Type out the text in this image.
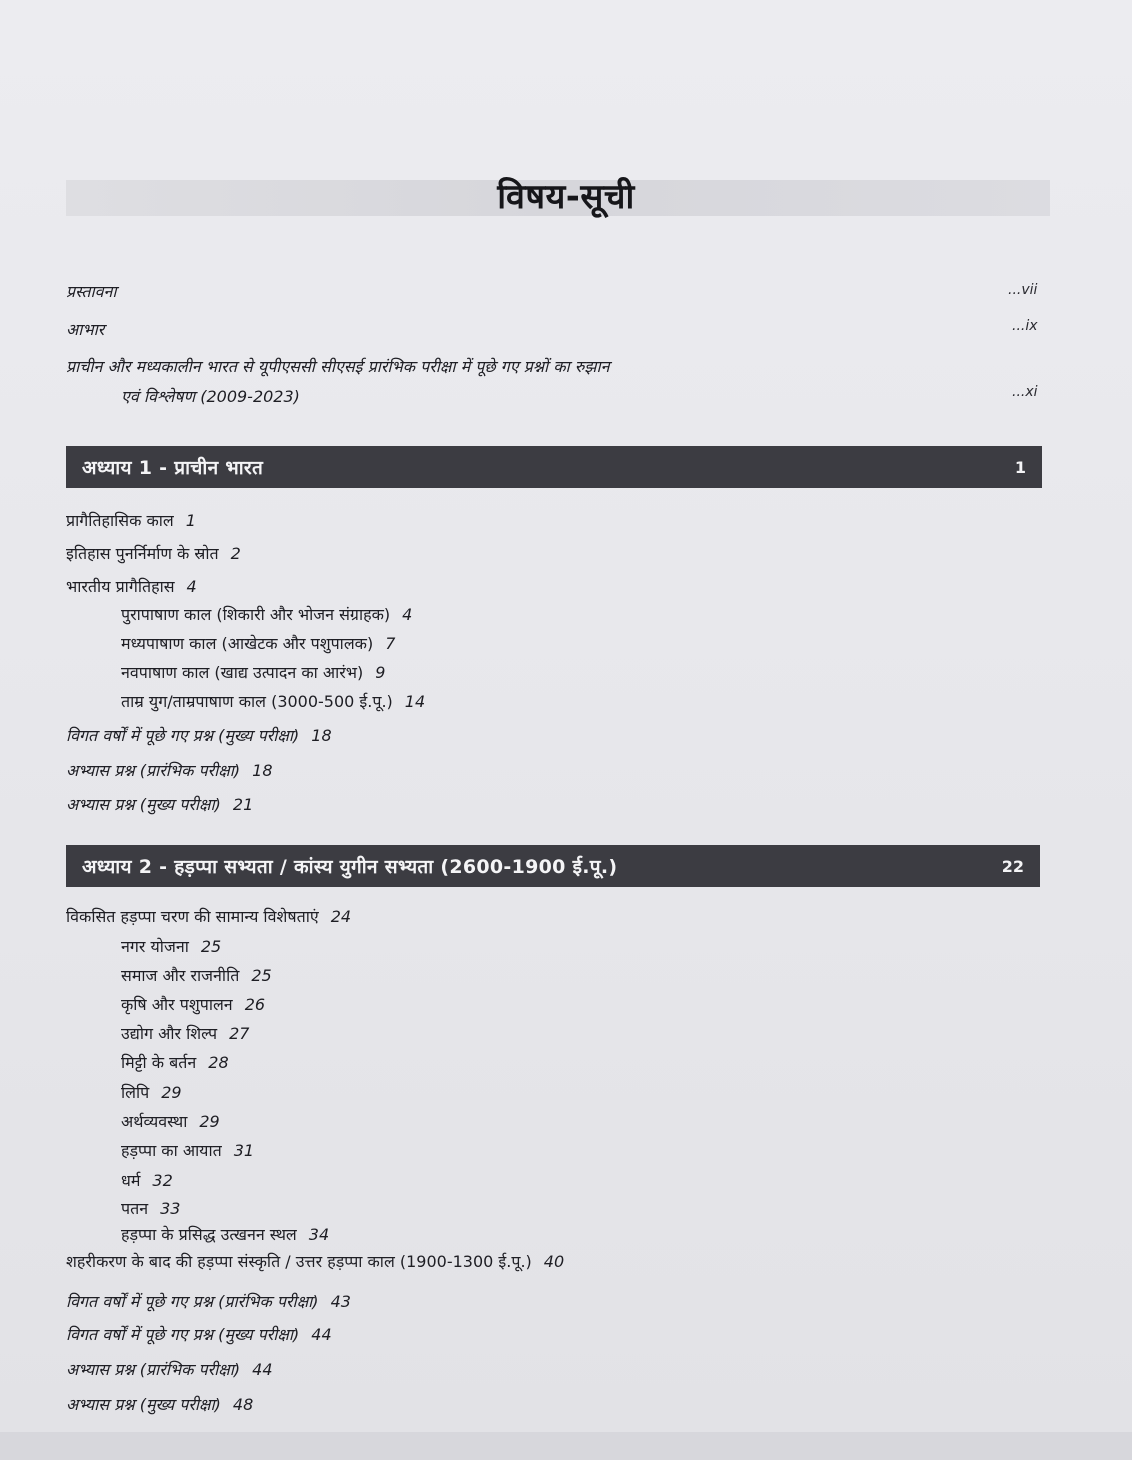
विषय-सूची
प्रस्तावना	...vii
आभार	...ix
प्राचीन और मध्यकालीन भारत से यूपीएससी सीएसई प्रारंभिक परीक्षा में पूछे गए प्रश्नों का रुझान
एवं विश्लेषण (2009-2023)	...xi
अध्याय 1 - प्राचीन भारत	1
प्रागैतिहासिक काल 1
इतिहास पुनर्निर्माण के स्रोत 2
भारतीय प्रागैतिहास 4
पुरापाषाण काल (शिकारी और भोजन संग्राहक) 4
मध्यपाषाण काल (आखेटक और पशुपालक) 7
नवपाषाण काल (खाद्य उत्पादन का आरंभ) 9
ताम्र युग/ताम्रपाषाण काल (3000-500 ई.पू.) 14
विगत वर्षों में पूछे गए प्रश्न (मुख्य परीक्षा) 18
अभ्यास प्रश्न (प्रारंभिक परीक्षा) 18
अभ्यास प्रश्न (मुख्य परीक्षा) 21
अध्याय 2 - हड़प्पा सभ्यता / कांस्य युगीन सभ्यता (2600-1900 ई.पू.)	22
विकसित हड़प्पा चरण की सामान्य विशेषताएं 24
नगर योजना 25
समाज और राजनीति 25
कृषि और पशुपालन 26
उद्योग और शिल्प 27
मिट्टी के बर्तन 28
लिपि 29
अर्थव्यवस्था 29
हड़प्पा का आयात 31
धर्म 32
पतन 33
हड़प्पा के प्रसिद्ध उत्खनन स्थल 34
शहरीकरण के बाद की हड़प्पा संस्कृति / उत्तर हड़प्पा काल (1900-1300 ई.पू.) 40
विगत वर्षों में पूछे गए प्रश्न (प्रारंभिक परीक्षा) 43
विगत वर्षों में पूछे गए प्रश्न (मुख्य परीक्षा) 44
अभ्यास प्रश्न (प्रारंभिक परीक्षा) 44
अभ्यास प्रश्न (मुख्य परीक्षा) 48
